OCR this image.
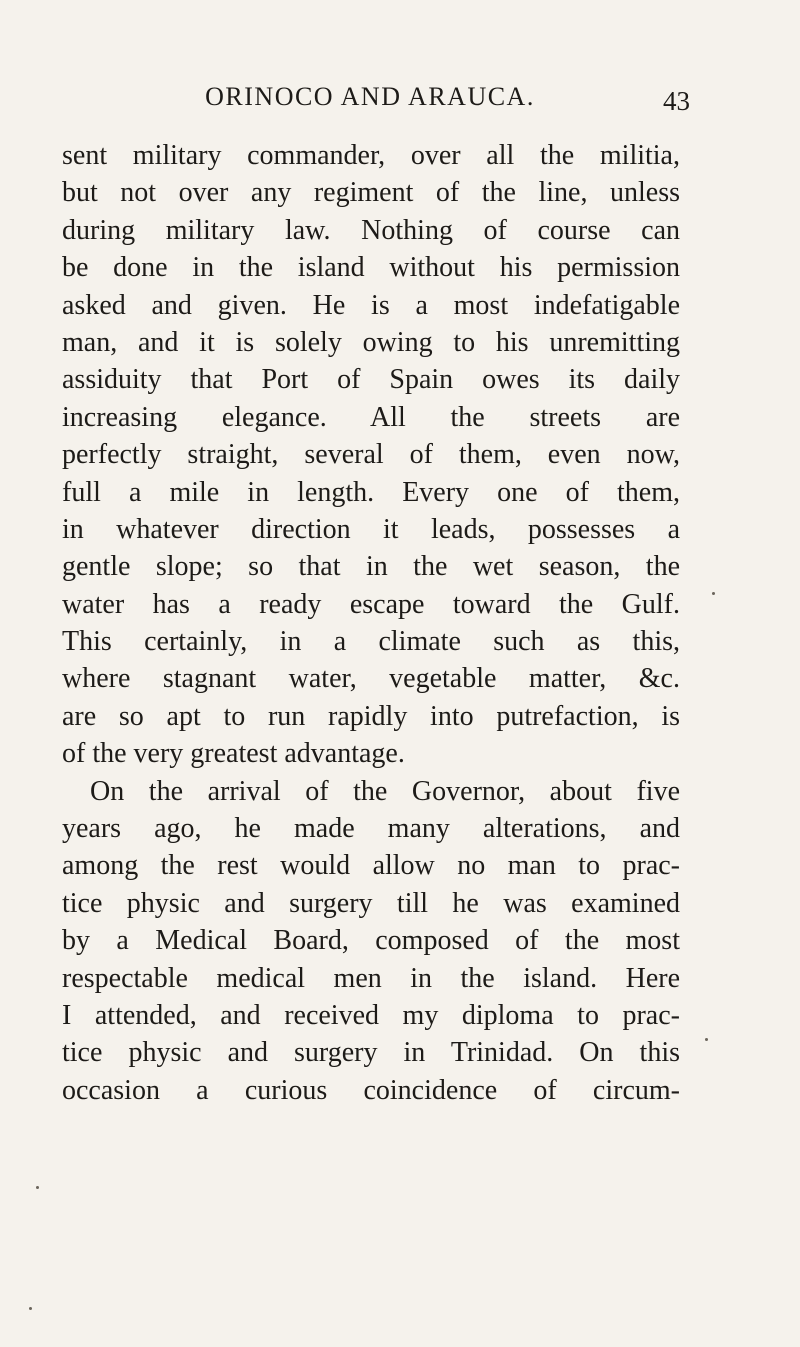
ORINOCO AND ARAUCA.	43
sent military commander, over all the militia,
but not over any regiment of the line, unless
during military law. Nothing of course can
be done in the island without his permission
asked and given. He is a most indefatigable
man, and it is solely owing to his unremitting
assiduity that Port of Spain owes its daily
increasing elegance. All the streets are
perfectly straight, several of them, even now,
full a mile in length. Every one of them,
in whatever direction it leads, possesses a
gentle slope; so that in the wet season, the
water has a ready escape toward the Gulf.
This certainly, in a climate such as this,
where stagnant water, vegetable matter, &c.
are so apt to run rapidly into putrefaction, is
of the very greatest advantage.
On the arrival of the Governor, about five
years ago, he made many alterations, and
among the rest would allow no man to prac-
tice physic and surgery till he was examined
by a Medical Board, composed of the most
respectable medical men in the island. Here
I attended, and received my diploma to prac-
tice physic and surgery in Trinidad. On this
occasion a curious coincidence of circum-
